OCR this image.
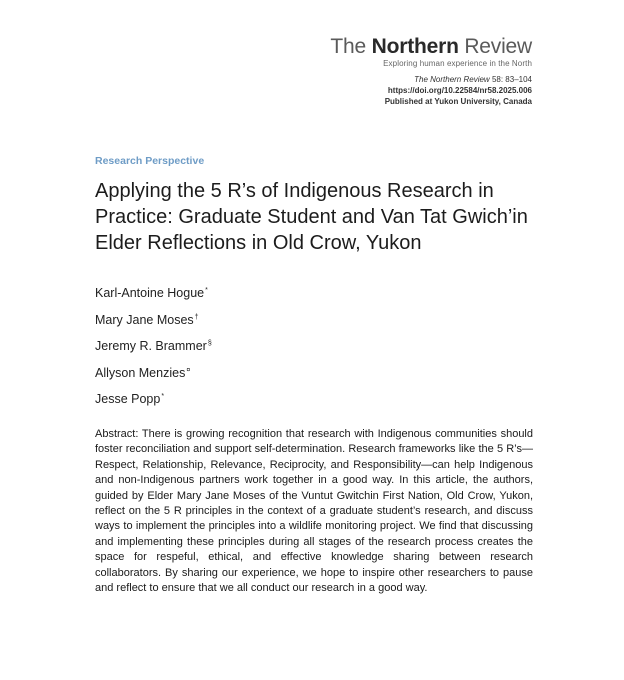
The Northern Review
Exploring human experience in the North
The Northern Review 58: 83–104
https://doi.org/10.22584/nr58.2025.006
Published at Yukon University, Canada
Research Perspective
Applying the 5 R’s of Indigenous Research in Practice: Graduate Student and Van Tat Gwich’in Elder Reflections in Old Crow, Yukon
Karl-Antoine Hogue*
Mary Jane Moses†
Jeremy R. Brammer§
Allyson Menzies¤
Jesse Popp*

Abstract: There is growing recognition that research with Indigenous communities should foster reconciliation and support self-determination. Research frameworks like the 5 R’s—Respect, Relationship, Relevance, Reciprocity, and Responsibility—can help Indigenous and non-Indigenous partners work together in a good way. In this article, the authors, guided by Elder Mary Jane Moses of the Vuntut Gwitchin First Nation, Old Crow, Yukon, reflect on the 5 R principles in the context of a graduate student’s research, and discuss ways to implement the principles into a wildlife monitoring project. We find that discussing and implementing these principles during all stages of the research process creates the space for respeful, ethical, and effective knowledge sharing between research collaborators. By sharing our experience, we hope to inspire other researchers to pause and reflect to ensure that we all conduct our research in a good way.
